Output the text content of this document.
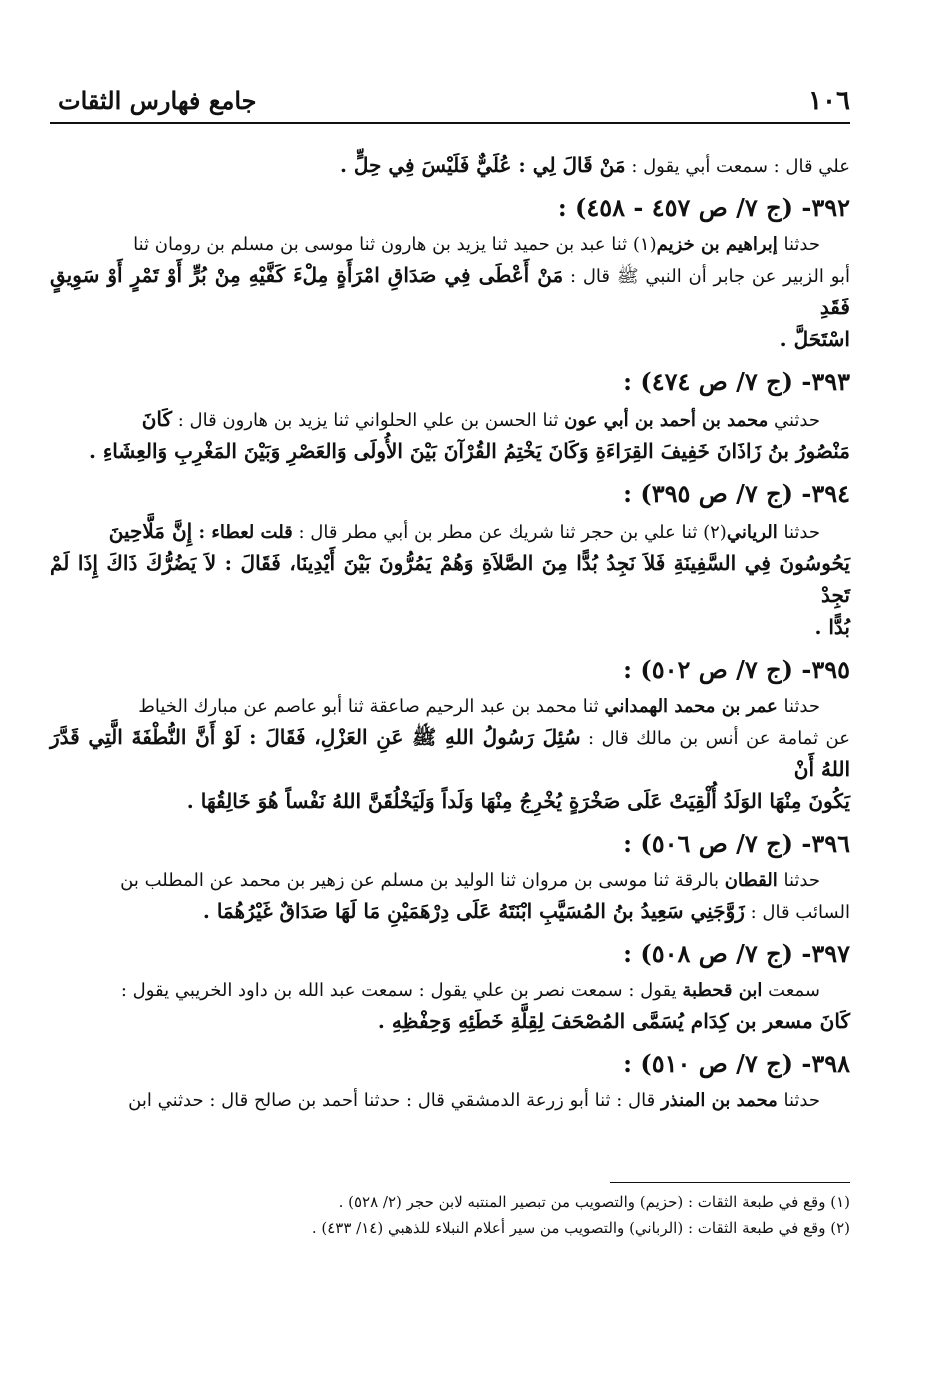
١٠٦
جامع فهارس الثقات

علي قال : سمعت أبي يقول : مَنْ قَالَ لِي : عُلَيٌّ فَلَيْسَ فِي حِلٍّ .

٣٩٢- (ج ٧/ ص ٤٥٧ - ٤٥٨) :

حدثنا إبراهيم بن خزيم(١) ثنا عبد بن حميد ثنا يزيد بن هارون ثنا موسى بن مسلم بن رومان ثنا

أبو الزبير عن جابر أن النبي ﷺ قال : مَنْ أَعْطَى فِي صَدَاقِ امْرَأَةٍ مِلْءَ كَفَّيْهِ مِنْ بُرٍّ أَوْ تَمْرٍ أَوْ سَوِيقٍ فَقَدِ

اسْتَحَلَّ .

٣٩٣- (ج ٧/ ص ٤٧٤) :

حدثني محمد بن أحمد بن أبي عون ثنا الحسن بن علي الحلواني ثنا يزيد بن هارون قال : كَانَ

مَنْصُورُ بنُ زَاذَانَ خَفِيفَ القِرَاءَةِ وَكَانَ يَخْتِمُ القُرْآنَ بَيْنَ الأُولَى وَالعَصْرِ وَبَيْنَ المَغْرِبِ وَالعِشَاءِ .

٣٩٤- (ج ٧/ ص ٣٩٥) :

حدثنا الرياني(٢) ثنا علي بن حجر ثنا شريك عن مطر بن أبي مطر قال : قلت لعطاء : إِنَّ مَلَّاحِينَ

يَحُوسُونَ فِي السَّفِينَةِ فَلاَ نَجِدُ بُدًّا مِنَ الصَّلاَةِ وَهُمْ يَمُرُّونَ بَيْنَ أَيْدِينَا، فَقَالَ : لاَ يَضُرُّكَ ذَاكَ إِذَا لَمْ تَجِدْ

بُدًّا .

٣٩٥- (ج ٧/ ص ٥٠٢) :

حدثنا عمر بن محمد الهمداني ثنا محمد بن عبد الرحيم صاعقة ثنا أبو عاصم عن مبارك الخياط

عن ثمامة عن أنس بن مالك قال : سُئِلَ رَسُولُ اللهِ ﷺ عَنِ العَزْلِ، فَقَالَ : لَوْ أَنَّ النُّطْفَةَ الَّتِي قَدَّرَ اللهُ أَنْ

يَكُونَ مِنْهَا الوَلَدُ أُلْقِيَتْ عَلَى صَخْرَةٍ يُخْرِجُ مِنْهَا وَلَداً وَلَيَخْلُقَنَّ اللهُ نَفْساً هُوَ خَالِقُهَا .

٣٩٦- (ج ٧/ ص ٥٠٦) :

حدثنا القطان بالرقة ثنا موسى بن مروان ثنا الوليد بن مسلم عن زهير بن محمد عن المطلب بن

السائب قال : زَوَّجَنِي سَعِيدُ بنُ المُسَيَّبِ ابْنَتَهُ عَلَى دِرْهَمَيْنِ مَا لَهَا صَدَاقٌ غَيْرُهُمَا .

٣٩٧- (ج ٧/ ص ٥٠٨) :

سمعت ابن قحطبة يقول : سمعت نصر بن علي يقول : سمعت عبد الله بن داود الخريبي يقول :

كَانَ مسعر بن كِدَام يُسَمَّى المُصْحَفَ لِقِلَّةِ خَطَئِهِ وَحِفْظِهِ .

٣٩٨- (ج ٧/ ص ٥١٠) :

حدثنا محمد بن المنذر قال : ثنا أبو زرعة الدمشقي قال : حدثنا أحمد بن صالح قال : حدثني ابن

(١) وقع في طبعة الثقات : (حزيم) والتصويب من تبصير المنتبه لابن حجر (٢/ ٥٢٨) .

(٢) وقع في طبعة الثقات : (الرباني) والتصويب من سير أعلام النبلاء للذهبي (١٤/ ٤٣٣) .
